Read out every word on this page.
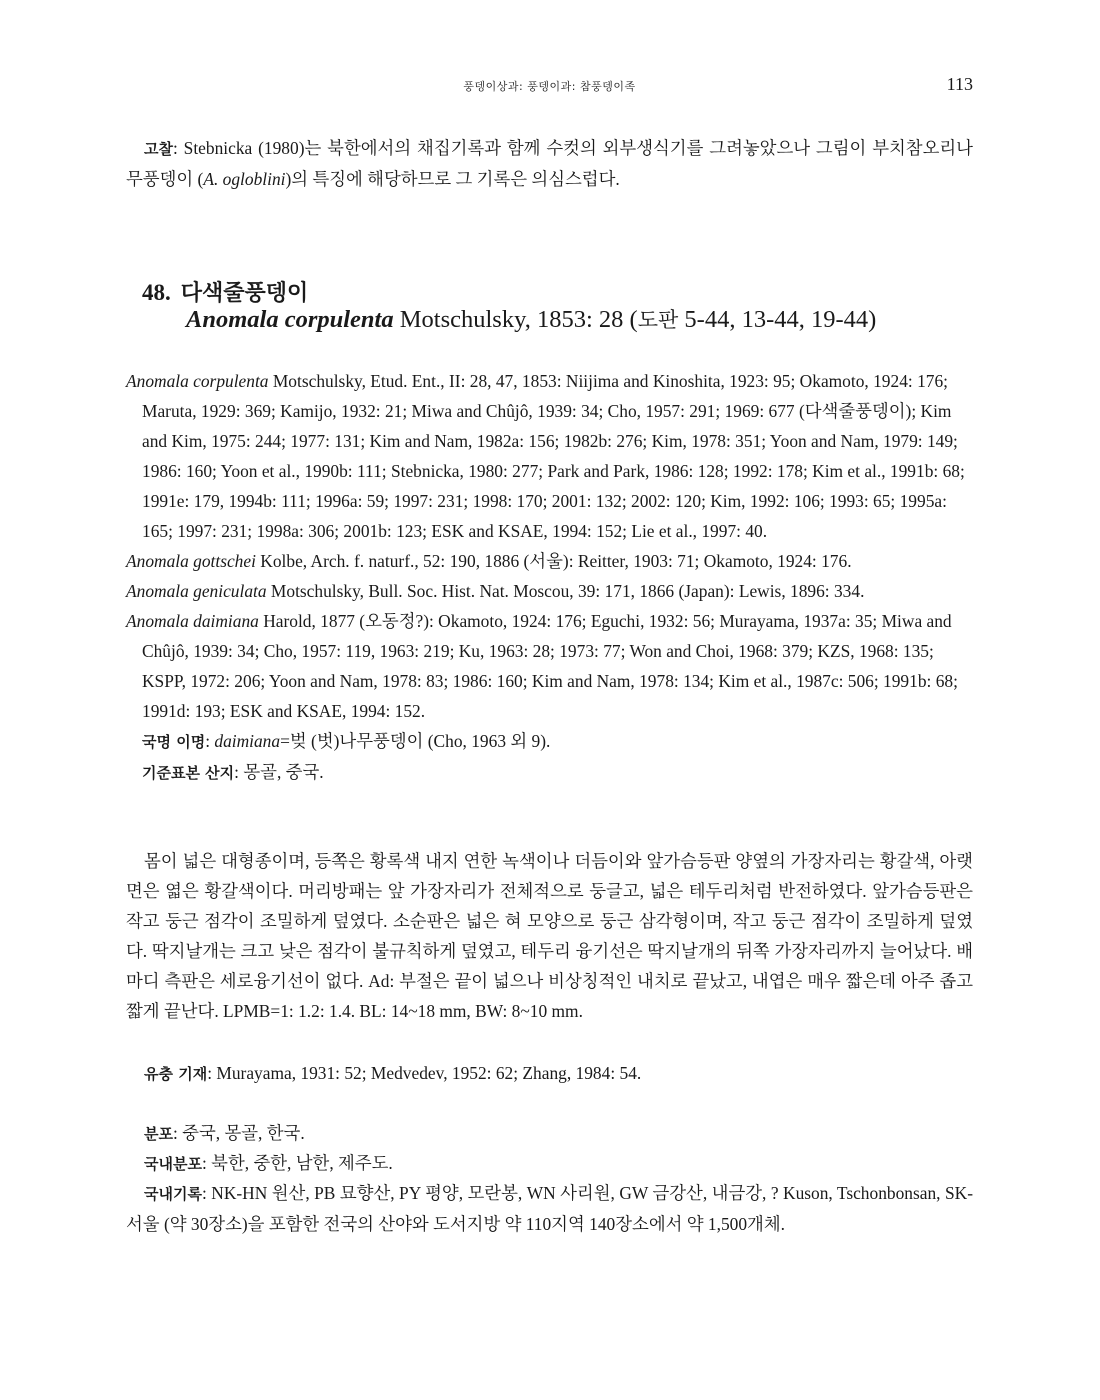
풍뎅이상과: 풍뎅이과: 참풍뎅이족	113
고찰: Stebnicka (1980)는 북한에서의 채집기록과 함께 수컷의 외부생식기를 그려놓았으나 그림이 부치참오리나무풍뎅이 (A. ogloblini)의 특징에 해당하므로 그 기록은 의심스럽다.
48. 다색줄풍뎅이
Anomala corpulenta Motschulsky, 1853: 28 (도판 5-44, 13-44, 19-44)

Anomala corpulenta Motschulsky, Etud. Ent., II: 28, 47, 1853: Niijima and Kinoshita, 1923: 95; Okamoto, 1924: 176; Maruta, 1929: 369; Kamijo, 1932: 21; Miwa and Chûjô, 1939: 34; Cho, 1957: 291; 1969: 677 (다색줄풍뎅이); Kim and Kim, 1975: 244; 1977: 131; Kim and Nam, 1982a: 156; 1982b: 276; Kim, 1978: 351; Yoon and Nam, 1979: 149; 1986: 160; Yoon et al., 1990b: 111; Stebnicka, 1980: 277; Park and Park, 1986: 128; 1992: 178; Kim et al., 1991b: 68; 1991e: 179, 1994b: 111; 1996a: 59; 1997: 231; 1998: 170; 2001: 132; 2002: 120; Kim, 1992: 106; 1993: 65; 1995a: 165; 1997: 231; 1998a: 306; 2001b: 123; ESK and KSAE, 1994: 152; Lie et al., 1997: 40.

Anomala gottschei Kolbe, Arch. f. naturf., 52: 190, 1886 (서울): Reitter, 1903: 71; Okamoto, 1924: 176.

Anomala geniculata Motschulsky, Bull. Soc. Hist. Nat. Moscou, 39: 171, 1866 (Japan): Lewis, 1896: 334.

Anomala daimiana Harold, 1877 (오동정?): Okamoto, 1924: 176; Eguchi, 1932: 56; Murayama, 1937a: 35; Miwa and Chûjô, 1939: 34; Cho, 1957: 119, 1963: 219; Ku, 1963: 28; 1973: 77; Won and Choi, 1968: 379; KZS, 1968: 135; KSPP, 1972: 206; Yoon and Nam, 1978: 83; 1986: 160; Kim and Nam, 1978: 134; Kim et al., 1987c: 506; 1991b: 68; 1991d: 193; ESK and KSAE, 1994: 152.

국명 이명: daimiana=벚 (벗)나무풍뎅이 (Cho, 1963 외 9).

기준표본 산지: 몽골, 중국.

몸이 넓은 대형종이며, 등쪽은 황록색 내지 연한 녹색이나 더듬이와 앞가슴등판 양옆의 가장자리는 황갈색, 아랫면은 엷은 황갈색이다. 머리방패는 앞 가장자리가 전체적으로 둥글고, 넓은 테두리처럼 반전하였다. 앞가슴등판은 작고 둥근 점각이 조밀하게 덮였다. 소순판은 넓은 혀 모양으로 둥근 삼각형이며, 작고 둥근 점각이 조밀하게 덮였다. 딱지날개는 크고 낮은 점각이 불규칙하게 덮였고, 테두리 융기선은 딱지날개의 뒤쪽 가장자리까지 늘어났다. 배마디 측판은 세로융기선이 없다. Ad: 부절은 끝이 넓으나 비상칭적인 내치로 끝났고, 내엽은 매우 짧은데 아주 좁고 짧게 끝난다. LPMB=1: 1.2: 1.4. BL: 14~18 mm, BW: 8~10 mm.
유충 기재: Murayama, 1931: 52; Medvedev, 1952: 62; Zhang, 1984: 54.
분포: 중국, 몽골, 한국.
국내분포: 북한, 중한, 남한, 제주도.
국내기록: NK-HN 원산, PB 묘향산, PY 평양, 모란봉, WN 사리원, GW 금강산, 내금강, ? Kuson, Tschonbonsan, SK-서울 (약 30장소)을 포함한 전국의 산야와 도서지방 약 110지역 140장소에서 약 1,500개체.
